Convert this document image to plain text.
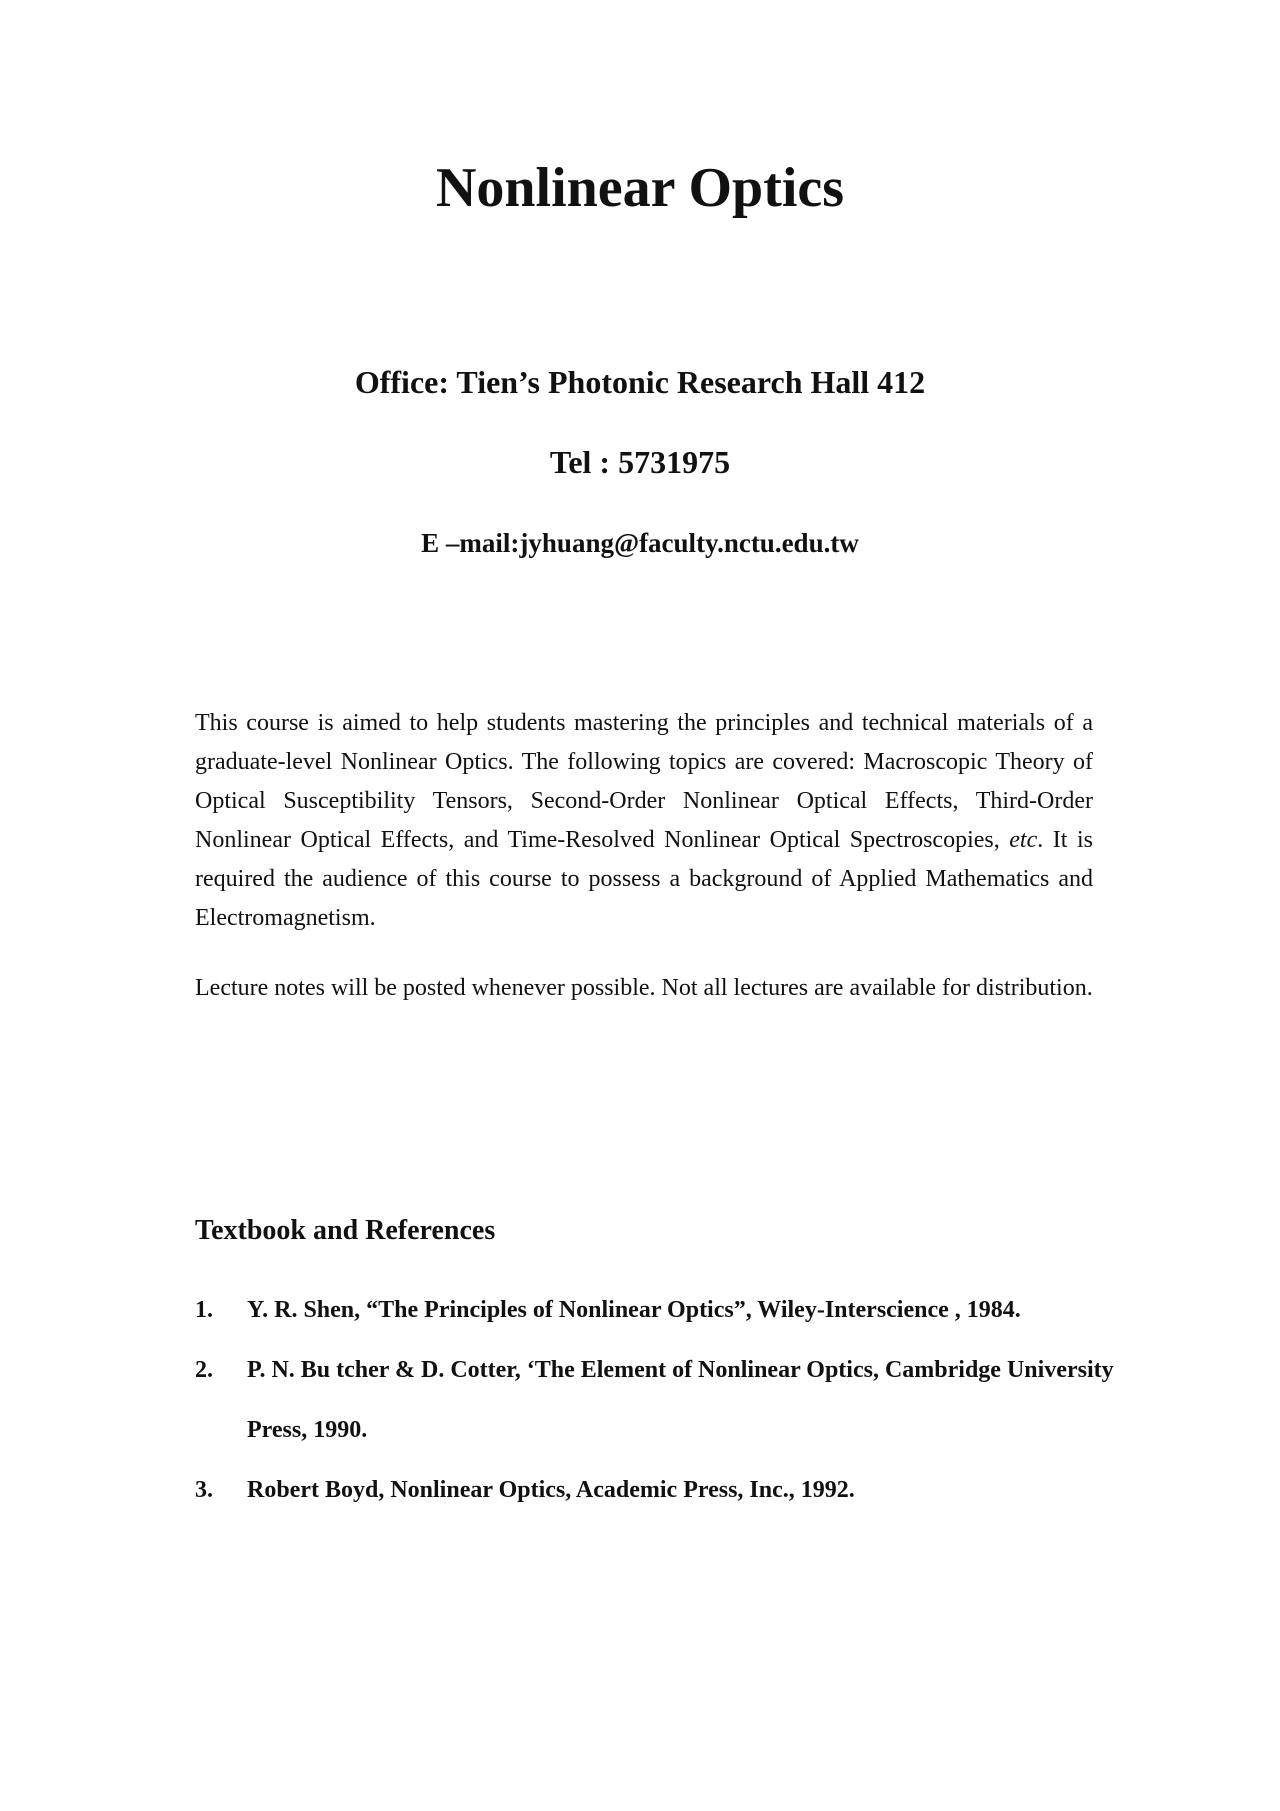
Nonlinear Optics

Office: Tien’s Photonic Research Hall 412

Tel : 5731975

E –mail:jyhuang@faculty.nctu.edu.tw

This course is aimed to help students mastering the principles and technical materials of a graduate-level Nonlinear Optics. The following topics are covered: Macroscopic Theory of Optical Susceptibility Tensors, Second-Order Nonlinear Optical Effects, Third-Order Nonlinear Optical Effects, and Time-Resolved Nonlinear Optical Spectroscopies, etc. It is required the audience of this course to possess a background of Applied Mathematics and Electromagnetism.

Lecture notes will be posted whenever possible. Not all lectures are available for distribution.

Textbook and References
1.	Y. R. Shen, “The Principles of Nonlinear Optics”, Wiley-Interscience , 1984.
2.	P. N. Bu tcher & D. Cotter, ‘The Element of Nonlinear Optics, Cambridge University Press, 1990.
3.	Robert Boyd, Nonlinear Optics, Academic Press, Inc., 1992.
